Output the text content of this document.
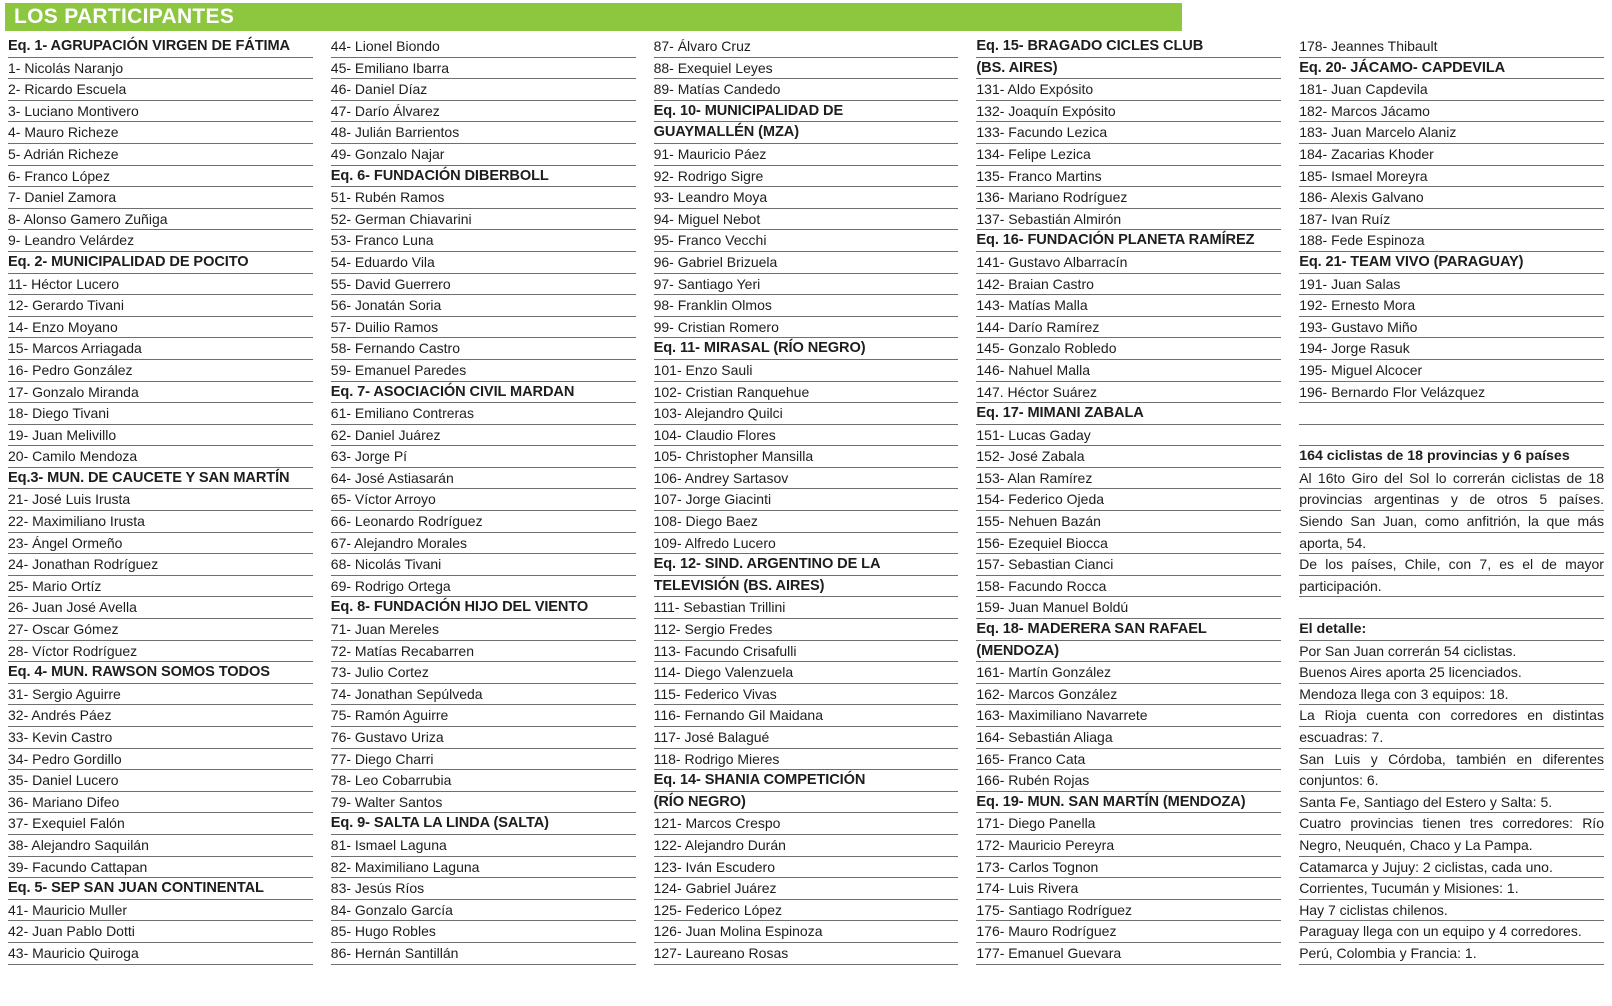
LOS PARTICIPANTES
Eq. 1- AGRUPACIÓN VIRGEN DE FÁTIMA
1- Nicolás Naranjo
2- Ricardo Escuela
3- Luciano Montivero
4- Mauro Richeze
5- Adrián Richeze
6- Franco López
7- Daniel Zamora
8- Alonso Gamero Zuñiga
9- Leandro Velárdez
Eq. 2- MUNICIPALIDAD DE POCITO
11- Héctor Lucero
12- Gerardo Tivani
14- Enzo Moyano
15- Marcos Arriagada
16- Pedro González
17- Gonzalo Miranda
18- Diego Tivani
19- Juan Melivillo
20- Camilo Mendoza
Eq.3- MUN. DE CAUCETE Y SAN MARTÍN
21- José Luis Irusta
22- Maximiliano Irusta
23- Ángel Ormeño
24- Jonathan Rodríguez
25- Mario Ortíz
26- Juan José Avella
27- Oscar Gómez
28- Víctor Rodríguez
Eq. 4- MUN. RAWSON SOMOS TODOS
31- Sergio Aguirre
32- Andrés Páez
33- Kevin Castro
34- Pedro Gordillo
35- Daniel Lucero
36- Mariano Difeo
37- Exequiel Falón
38- Alejandro Saquilán
39- Facundo Cattapan
Eq. 5- SEP SAN JUAN CONTINENTAL
41- Mauricio Muller
42- Juan Pablo Dotti
43- Mauricio Quiroga
44- Lionel Biondo
45- Emiliano Ibarra
46- Daniel Díaz
47- Darío Álvarez
48- Julián Barrientos
49- Gonzalo Najar
Eq. 6- FUNDACIÓN DIBERBOLL
51- Rubén Ramos
52- German Chiavarini
53- Franco Luna
54- Eduardo Vila
55- David Guerrero
56- Jonatán Soria
57- Duilio Ramos
58- Fernando Castro
59- Emanuel Paredes
Eq. 7- ASOCIACIÓN CIVIL MARDAN
61- Emiliano Contreras
62- Daniel Juárez
63- Jorge Pí
64- José Astiasarán
65- Víctor Arroyo
66- Leonardo Rodríguez
67- Alejandro Morales
68- Nicolás Tivani
69- Rodrigo Ortega
Eq. 8- FUNDACIÓN HIJO DEL VIENTO
71- Juan Mereles
72- Matías Recabarren
73- Julio Cortez
74- Jonathan Sepúlveda
75- Ramón Aguirre
76- Gustavo Uriza
77- Diego Charri
78- Leo Cobarrubia
79- Walter Santos
Eq. 9- SALTA LA LINDA (SALTA)
81- Ismael Laguna
82- Maximiliano Laguna
83- Jesús Ríos
84- Gonzalo García
85- Hugo Robles
86- Hernán Santillán
87- Álvaro Cruz
88- Exequiel Leyes
89- Matías Candedo
Eq. 10- MUNICIPALIDAD DE
GUAYMALLÉN (MZA)
91- Mauricio Páez
92- Rodrigo Sigre
93- Leandro Moya
94- Miguel Nebot
95- Franco Vecchi
96- Gabriel Brizuela
97- Santiago Yeri
98- Franklin Olmos
99- Cristian Romero
Eq. 11- MIRASAL (RÍO NEGRO)
101- Enzo Sauli
102- Cristian Ranquehue
103- Alejandro Quilci
104- Claudio Flores
105- Christopher Mansilla
106- Andrey Sartasov
107- Jorge Giacinti
108- Diego Baez
109- Alfredo Lucero
Eq. 12- SIND. ARGENTINO DE LA
TELEVISIÓN (BS. AIRES)
111- Sebastian Trillini
112- Sergio Fredes
113- Facundo Crisafulli
114- Diego Valenzuela
115- Federico Vivas
116- Fernando Gil Maidana
117- José Balagué
118- Rodrigo Mieres
Eq. 14- SHANIA COMPETICIÓN
(RÍO NEGRO)
121- Marcos Crespo
122- Alejandro Durán
123- Iván Escudero
124- Gabriel Juárez
125- Federico López
126- Juan Molina Espinoza
127- Laureano Rosas
Eq. 15- BRAGADO CICLES CLUB
(BS. AIRES)
131- Aldo Expósito
132- Joaquín Expósito
133- Facundo Lezica
134- Felipe Lezica
135- Franco Martins
136- Mariano Rodríguez
137- Sebastián Almirón
Eq. 16- FUNDACIÓN PLANETA RAMÍREZ
141- Gustavo Albarracín
142- Braian Castro
143- Matías Malla
144- Darío Ramírez
145- Gonzalo Robledo
146- Nahuel Malla
147. Héctor Suárez
Eq. 17- MIMANI ZABALA
151- Lucas Gaday
152- José Zabala
153- Alan Ramírez
154- Federico Ojeda
155- Nehuen Bazán
156- Ezequiel Biocca
157- Sebastian Cianci
158- Facundo Rocca
159- Juan Manuel Boldú
Eq. 18- MADERERA SAN RAFAEL
(MENDOZA)
161- Martín González
162- Marcos González
163- Maximiliano Navarrete
164- Sebastián Aliaga
165- Franco Cata
166- Rubén Rojas
Eq. 19- MUN. SAN MARTÍN (MENDOZA)
171- Diego Panella
172- Mauricio Pereyra
173- Carlos Tognon
174- Luis Rivera
175- Santiago Rodríguez
176- Mauro Rodríguez
177- Emanuel Guevara
178- Jeannes Thibault
Eq. 20- JÁCAMO- CAPDEVILA
181- Juan Capdevila
182- Marcos Jácamo
183- Juan Marcelo Alaniz
184- Zacarias Khoder
185- Ismael Moreyra
186- Alexis Galvano
187- Ivan Ruíz
188- Fede Espinoza
Eq. 21- TEAM VIVO (PARAGUAY)
191- Juan Salas
192- Ernesto Mora
193- Gustavo Miño
194- Jorge Rasuk
195- Miguel Alcocer
196- Bernardo Flor Velázquez
164 ciclistas de 18 provincias y 6 países
Al 16to Giro del Sol lo correrán ciclistas de 18
provincias argentinas y de otros 5 países.
Siendo San Juan, como anfitrión, la que más
aporta, 54.
De los países, Chile, con 7, es el de mayor
participación.
El detalle:
Por San Juan correrán 54 ciclistas.
Buenos Aires aporta 25 licenciados.
Mendoza llega con 3 equipos: 18.
La Rioja cuenta con corredores en distintas
escuadras: 7.
San Luis y Córdoba, también en diferentes
conjuntos: 6.
Santa Fe, Santiago del Estero y Salta: 5.
Cuatro provincias tienen tres corredores: Río
Negro, Neuquén, Chaco y La Pampa.
Catamarca y Jujuy: 2 ciclistas, cada uno.
Corrientes, Tucumán y Misiones: 1.
Hay 7 ciclistas chilenos.
Paraguay llega con un equipo y 4 corredores.
Perú, Colombia y Francia: 1.
